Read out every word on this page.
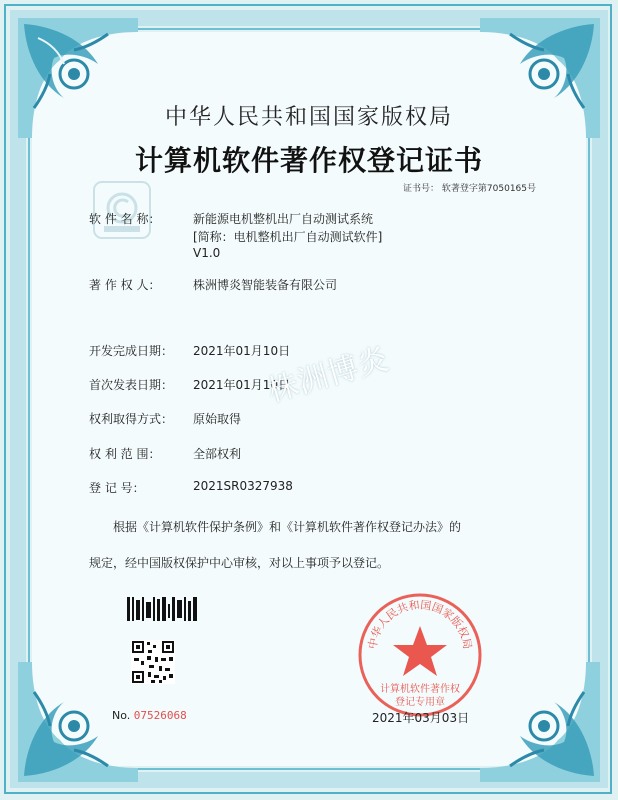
中华人民共和国国家版权局
计算机软件著作权登记证书
证书号： 软著登字第7050165号
软 件 名 称：	新能源电机整机出厂自动测试系统
[简称：电机整机出厂自动测试软件]
V1.0
著 作 权 人：	株洲博炎智能装备有限公司
开发完成日期：	2021年01月10日
首次发表日期：	2021年01月10日
权利取得方式：	原始取得
权 利 范 围：	全部权利
登 记 号：	2021SR0327938
根据《计算机软件保护条例》和《计算机软件著作权登记办法》的
规定，经中国版权保护中心审核，对以上事项予以登记。
株洲博炎
No. 07526068
中华人民共和国国家版权局
计算机软件著作权
登记专用章
2021年03月03日
